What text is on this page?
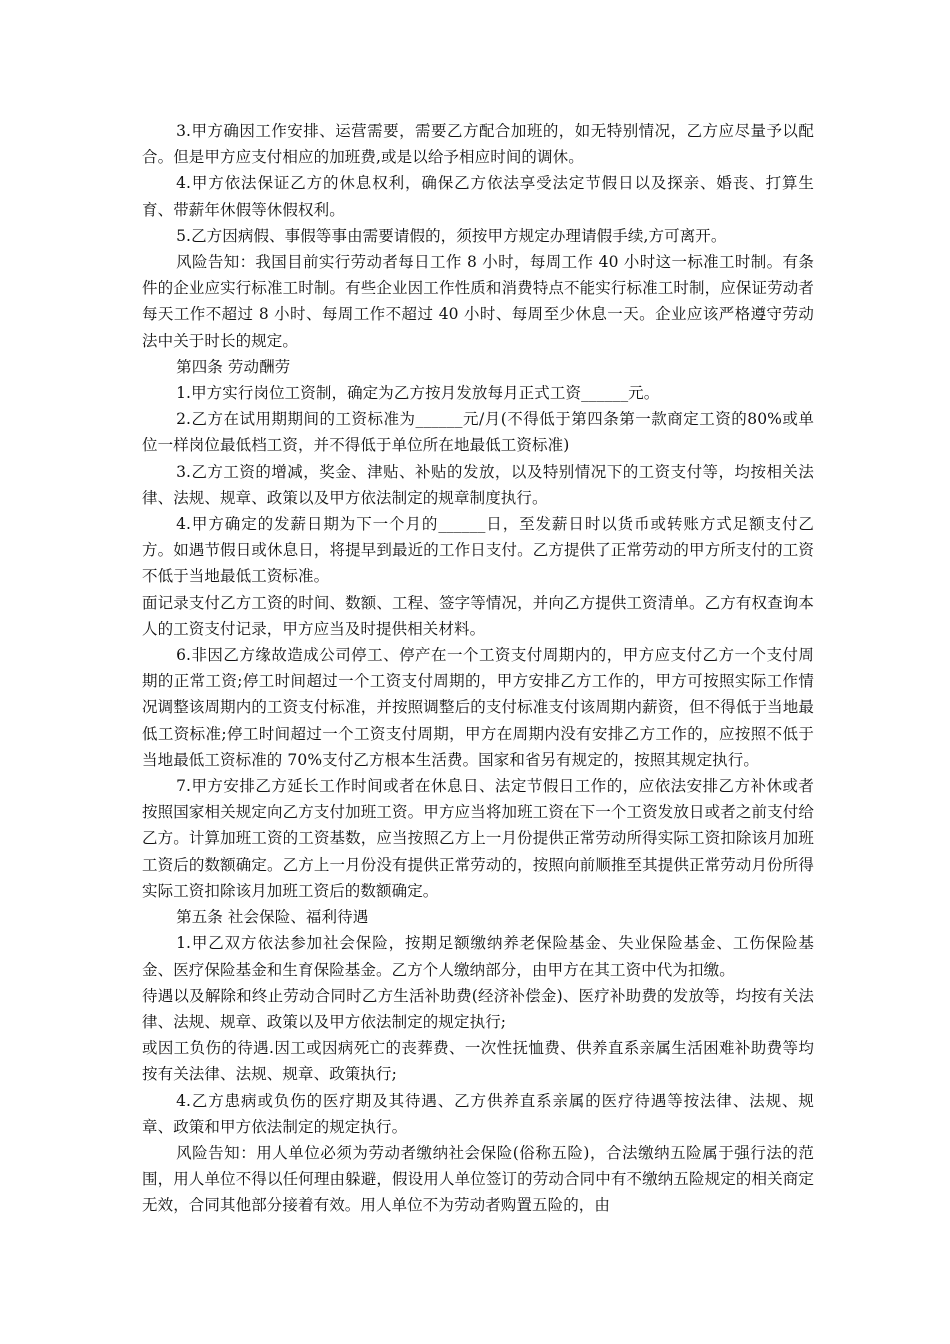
3.甲方确因工作安排、运营需要，需要乙方配合加班的，如无特别情况，乙方应尽量予以配合。但是甲方应支付相应的加班费,或是以给予相应时间的调休。

4.甲方依法保证乙方的休息权利，确保乙方依法享受法定节假日以及探亲、婚丧、打算生育、带薪年休假等休假权利。

5.乙方因病假、事假等事由需要请假的，须按甲方规定办理请假手续,方可离开。

风险告知：我国目前实行劳动者每日工作 8 小时，每周工作 40 小时这一标准工时制。有条件的企业应实行标准工时制。有些企业因工作性质和消费特点不能实行标准工时制，应保证劳动者每天工作不超过 8 小时、每周工作不超过 40 小时、每周至少休息一天。企业应该严格遵守劳动法中关于时长的规定。

第四条 劳动酬劳

1.甲方实行岗位工资制，确定为乙方按月发放每月正式工资______元。

2.乙方在试用期期间的工资标准为______元/月(不得低于第四条第一款商定工资的80%或单位一样岗位最低档工资，并不得低于单位所在地最低工资标准)

3.乙方工资的增减，奖金、津贴、补贴的发放，以及特别情况下的工资支付等，均按相关法律、法规、规章、政策以及甲方依法制定的规章制度执行。

4.甲方确定的发薪日期为下一个月的______日，至发薪日时以货币或转账方式足额支付乙方。如遇节假日或休息日，将提早到最近的工作日支付。乙方提供了正常劳动的甲方所支付的工资不低于当地最低工资标准。

面记录支付乙方工资的时间、数额、工程、签字等情况，并向乙方提供工资清单。乙方有权查询本人的工资支付记录，甲方应当及时提供相关材料。

6.非因乙方缘故造成公司停工、停产在一个工资支付周期内的，甲方应支付乙方一个支付周期的正常工资;停工时间超过一个工资支付周期的，甲方安排乙方工作的，甲方可按照实际工作情况调整该周期内的工资支付标准，并按照调整后的支付标准支付该周期内薪资，但不得低于当地最低工资标准;停工时间超过一个工资支付周期，甲方在周期内没有安排乙方工作的，应按照不低于当地最低工资标准的 70%支付乙方根本生活费。国家和省另有规定的，按照其规定执行。

7.甲方安排乙方延长工作时间或者在休息日、法定节假日工作的，应依法安排乙方补休或者按照国家相关规定向乙方支付加班工资。甲方应当将加班工资在下一个工资发放日或者之前支付给乙方。计算加班工资的工资基数，应当按照乙方上一月份提供正常劳动所得实际工资扣除该月加班工资后的数额确定。乙方上一月份没有提供正常劳动的，按照向前顺推至其提供正常劳动月份所得实际工资扣除该月加班工资后的数额确定。

第五条 社会保险、福利待遇

1.甲乙双方依法参加社会保险，按期足额缴纳养老保险基金、失业保险基金、工伤保险基金、医疗保险基金和生育保险基金。乙方个人缴纳部分，由甲方在其工资中代为扣缴。

待遇以及解除和终止劳动合同时乙方生活补助费(经济补偿金)、医疗补助费的发放等，均按有关法律、法规、规章、政策以及甲方依法制定的规定执行;

或因工负伤的待遇.因工或因病死亡的丧葬费、一次性抚恤费、供养直系亲属生活困难补助费等均按有关法律、法规、规章、政策执行;

4.乙方患病或负伤的医疗期及其待遇、乙方供养直系亲属的医疗待遇等按法律、法规、规章、政策和甲方依法制定的规定执行。

风险告知：用人单位必须为劳动者缴纳社会保险(俗称五险)，合法缴纳五险属于强行法的范围，用人单位不得以任何理由躲避，假设用人单位签订的劳动合同中有不缴纳五险规定的相关商定无效，合同其他部分接着有效。用人单位不为劳动者购置五险的，由
